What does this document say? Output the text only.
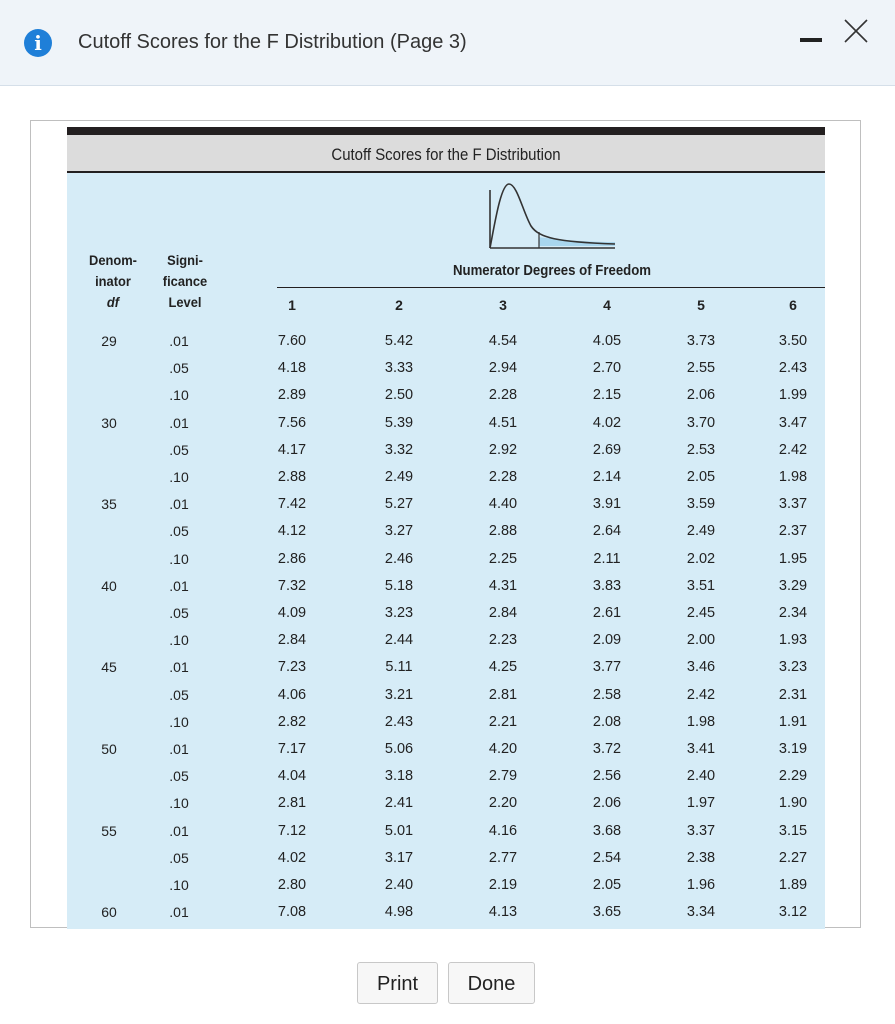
i	Cutoff Scores for the F Distribution (Page 3)
Cutoff Scores for the F Distribution
Denom-
inator
df
Signi-
ficance
Level
Numerator Degrees of Freedom
1	2	3	4	5	6
29	.01	7.60	5.42	4.54	4.05	3.73	3.50
.05	4.18	3.33	2.94	2.70	2.55	2.43
.10	2.89	2.50	2.28	2.15	2.06	1.99
30	.01	7.56	5.39	4.51	4.02	3.70	3.47
.05	4.17	3.32	2.92	2.69	2.53	2.42
.10	2.88	2.49	2.28	2.14	2.05	1.98
35	.01	7.42	5.27	4.40	3.91	3.59	3.37
.05	4.12	3.27	2.88	2.64	2.49	2.37
.10	2.86	2.46	2.25	2.11	2.02	1.95
40	.01	7.32	5.18	4.31	3.83	3.51	3.29
.05	4.09	3.23	2.84	2.61	2.45	2.34
.10	2.84	2.44	2.23	2.09	2.00	1.93
45	.01	7.23	5.11	4.25	3.77	3.46	3.23
.05	4.06	3.21	2.81	2.58	2.42	2.31
.10	2.82	2.43	2.21	2.08	1.98	1.91
50	.01	7.17	5.06	4.20	3.72	3.41	3.19
.05	4.04	3.18	2.79	2.56	2.40	2.29
.10	2.81	2.41	2.20	2.06	1.97	1.90
55	.01	7.12	5.01	4.16	3.68	3.37	3.15
.05	4.02	3.17	2.77	2.54	2.38	2.27
.10	2.80	2.40	2.19	2.05	1.96	1.89
60	.01	7.08	4.98	4.13	3.65	3.34	3.12
Print	Done
